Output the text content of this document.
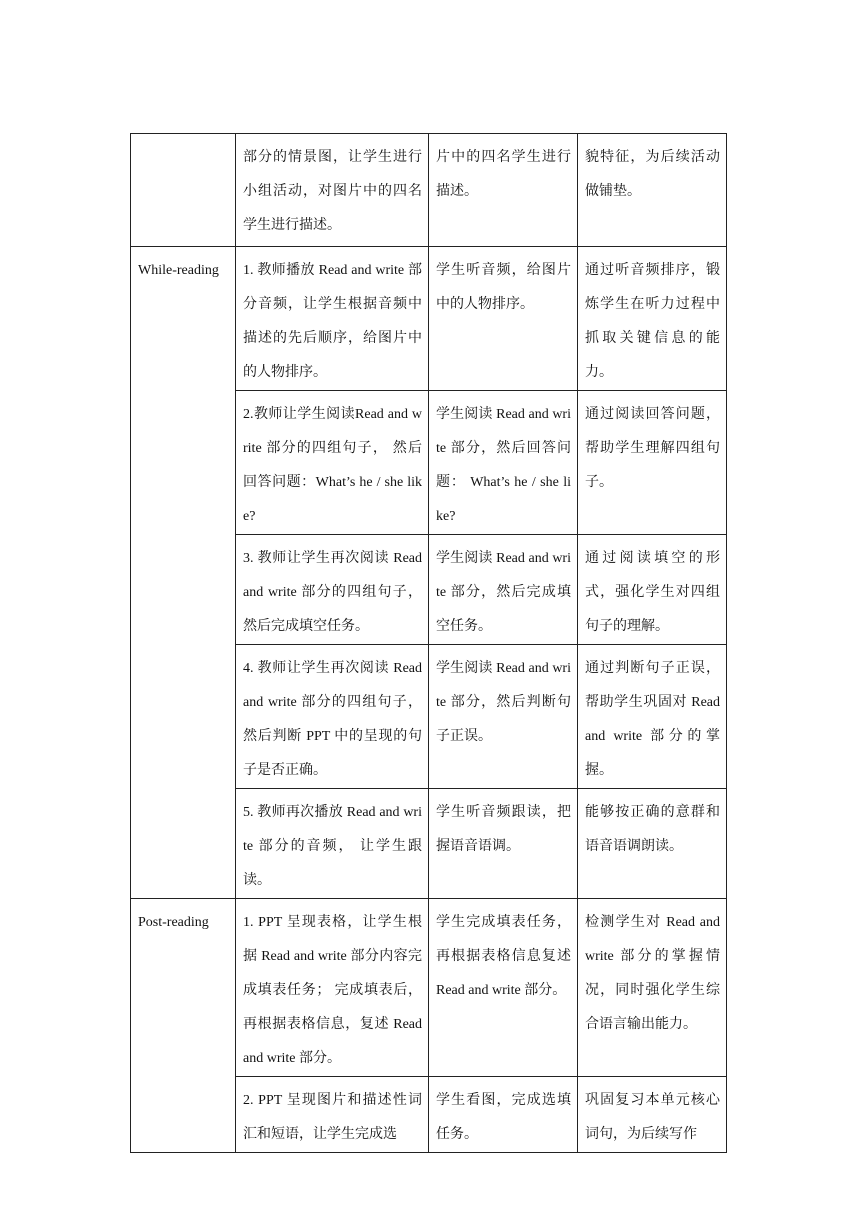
	部分的情景图，让学生进行小组活动，对图片中的四名学生进行描述。	片中的四名学生进行描述。	貌特征，为后续活动做铺垫。
While-reading	1. 教师播放 Read and write 部分音频，让学生根据音频中描述的先后顺序，给图片中的人物排序。	学生听音频，给图片中的人物排序。	通过听音频排序，锻炼学生在听力过程中抓取关键信息的能力。
	2.教师让学生阅读Read and write 部分的四组句子， 然后回答问题：What’s he / she like?	学生阅读 Read and write 部分，然后回答问题： What’s he / she like?	通过阅读回答问题，帮助学生理解四组句子。
	3. 教师让学生再次阅读 Read and write 部分的四组句子，然后完成填空任务。	学生阅读 Read and write 部分，然后完成填空任务。	通过阅读填空的形式，强化学生对四组句子的理解。
	4. 教师让学生再次阅读 Read and write 部分的四组句子，然后判断 PPT 中的呈现的句子是否正确。	学生阅读 Read and write 部分，然后判断句子正误。	通过判断句子正误，帮助学生巩固对 Read and write 部分的掌握。
	5. 教师再次播放 Read and write 部分的音频， 让学生跟读。	学生听音频跟读，把握语音语调。	能够按正确的意群和语音语调朗读。
Post-reading	1. PPT 呈现表格，让学生根据 Read and write 部分内容完成填表任务； 完成填表后，再根据表格信息，复述 Read and write 部分。	学生完成填表任务，再根据表格信息复述 Read and write 部分。	检测学生对 Read and write 部分的掌握情况，同时强化学生综合语言输出能力。
	2. PPT 呈现图片和描述性词汇和短语，让学生完成选	学生看图，完成选填任务。	巩固复习本单元核心词句，为后续写作
